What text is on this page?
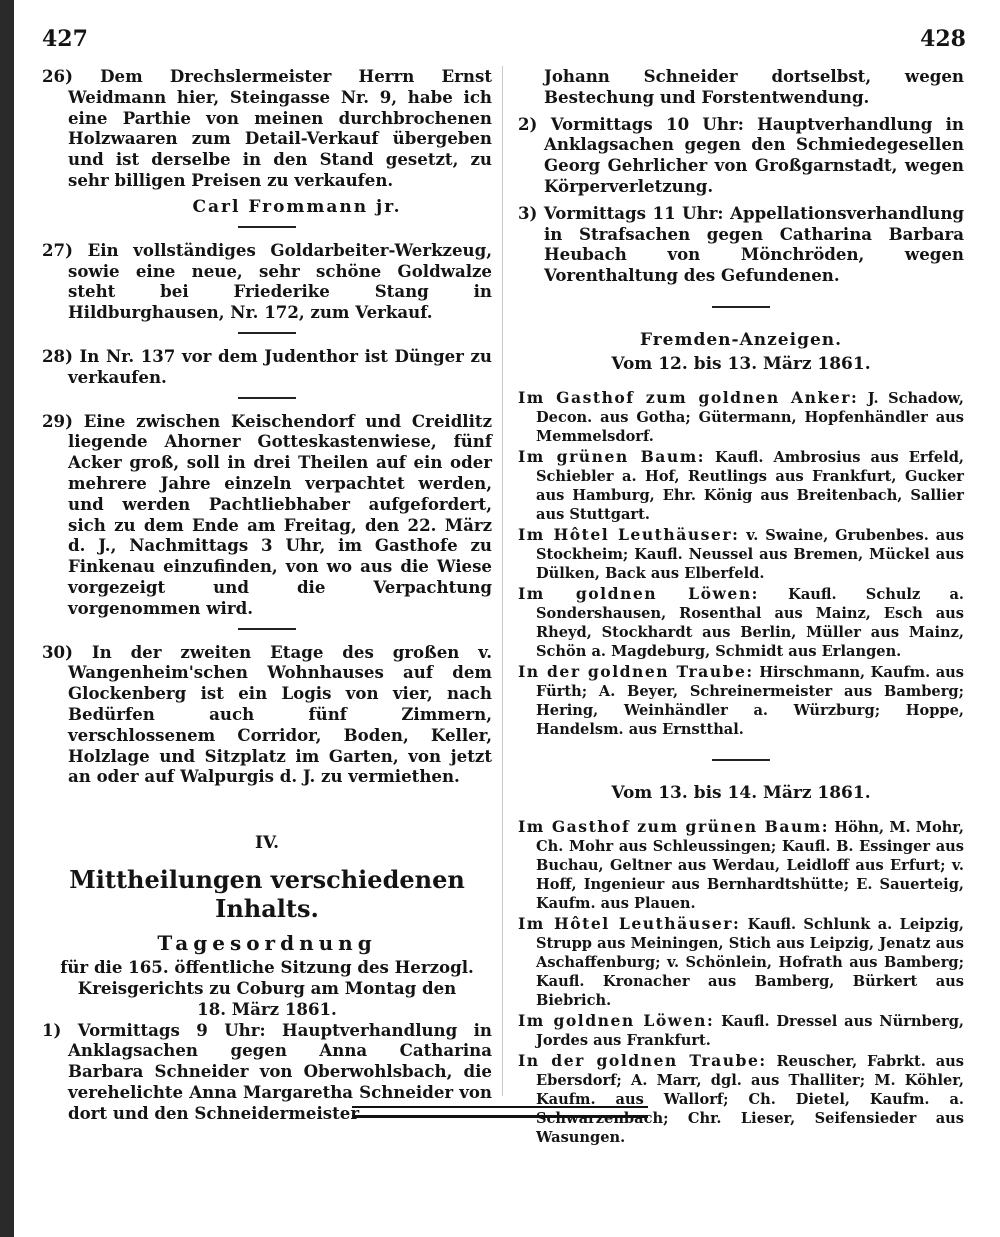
427	428

26) Dem Drechslermeister Herrn Ernst Weidmann hier, Steingasse Nr. 9, habe ich eine Parthie von meinen durchbrochenen Holzwaaren zum Detail-Verkauf übergeben und ist derselbe in den Stand gesetzt, zu sehr billigen Preisen zu verkaufen.

Carl Frommann jr.

27) Ein vollständiges Goldarbeiter-Werkzeug, sowie eine neue, sehr schöne Goldwalze steht bei Friederike Stang in Hildburghausen, Nr. 172, zum Verkauf.

28) In Nr. 137 vor dem Judenthor ist Dünger zu verkaufen.

29) Eine zwischen Keischendorf und Creidlitz liegende Ahorner Gotteskastenwiese, fünf Acker groß, soll in drei Theilen auf ein oder mehrere Jahre einzeln verpachtet werden, und werden Pachtliebhaber aufgefordert, sich zu dem Ende am Freitag, den 22. März d. J., Nachmittags 3 Uhr, im Gasthofe zu Finkenau einzufinden, von wo aus die Wiese vorgezeigt und die Verpachtung vorgenommen wird.

30) In der zweiten Etage des großen v. Wangenheim'schen Wohnhauses auf dem Glockenberg ist ein Logis von vier, nach Bedürfen auch fünf Zimmern, verschlossenem Corridor, Boden, Keller, Holzlage und Sitzplatz im Garten, von jetzt an oder auf Walpurgis d. J. zu vermiethen.

IV.
Mittheilungen verschiedenen Inhalts.
Tagesordnung
für die 165. öffentliche Sitzung des Herzogl.
Kreisgerichts zu Coburg am Montag den
18. März 1861.

1) Vormittags 9 Uhr: Hauptverhandlung in Anklagsachen gegen Anna Catharina Barbara Schneider von Oberwohlsbach, die verehelichte Anna Margaretha Schneider von dort und den Schneidermeister

Johann Schneider dortselbst, wegen Bestechung und Forstentwendung.

2) Vormittags 10 Uhr: Hauptverhandlung in Anklagsachen gegen den Schmiedegesellen Georg Gehrlicher von Großgarnstadt, wegen Körperverletzung.

3) Vormittags 11 Uhr: Appellationsverhandlung in Strafsachen gegen Catharina Barbara Heubach von Mönchröden, wegen Vorenthaltung des Gefundenen.

Fremden-Anzeigen.
Vom 12. bis 13. März 1861.

Im Gasthof zum goldnen Anker: J. Schadow, Decon. aus Gotha; Gütermann, Hopfenhändler aus Memmelsdorf.

Im grünen Baum: Kaufl. Ambrosius aus Erfeld, Schiebler a. Hof, Reutlings aus Frankfurt, Gucker aus Hamburg, Ehr. König aus Breitenbach, Sallier aus Stuttgart.

Im Hôtel Leuthäuser: v. Swaine, Grubenbes. aus Stockheim; Kaufl. Neussel aus Bremen, Mückel aus Dülken, Back aus Elberfeld.

Im goldnen Löwen: Kaufl. Schulz a. Sondershausen, Rosenthal aus Mainz, Esch aus Rheyd, Stockhardt aus Berlin, Müller aus Mainz, Schön a. Magdeburg, Schmidt aus Erlangen.

In der goldnen Traube: Hirschmann, Kaufm. aus Fürth; A. Beyer, Schreinermeister aus Bamberg; Hering, Weinhändler a. Würzburg; Hoppe, Handelsm. aus Ernstthal.

Vom 13. bis 14. März 1861.

Im Gasthof zum grünen Baum: Höhn, M. Mohr, Ch. Mohr aus Schleussingen; Kaufl. B. Essinger aus Buchau, Geltner aus Werdau, Leidloff aus Erfurt; v. Hoff, Ingenieur aus Bernhardtshütte; E. Sauerteig, Kaufm. aus Plauen.

Im Hôtel Leuthäuser: Kaufl. Schlunk a. Leipzig, Strupp aus Meiningen, Stich aus Leipzig, Jenatz aus Aschaffenburg; v. Schönlein, Hofrath aus Bamberg; Kaufl. Kronacher aus Bamberg, Bürkert aus Biebrich.

Im goldnen Löwen: Kaufl. Dressel aus Nürnberg, Jordes aus Frankfurt.

In der goldnen Traube: Reuscher, Fabrkt. aus Ebersdorf; A. Marr, dgl. aus Thalliter; M. Köhler, Kaufm. aus Wallorf; Ch. Dietel, Kaufm. a. Schwarzenbach; Chr. Lieser, Seifensieder aus Wasungen.
